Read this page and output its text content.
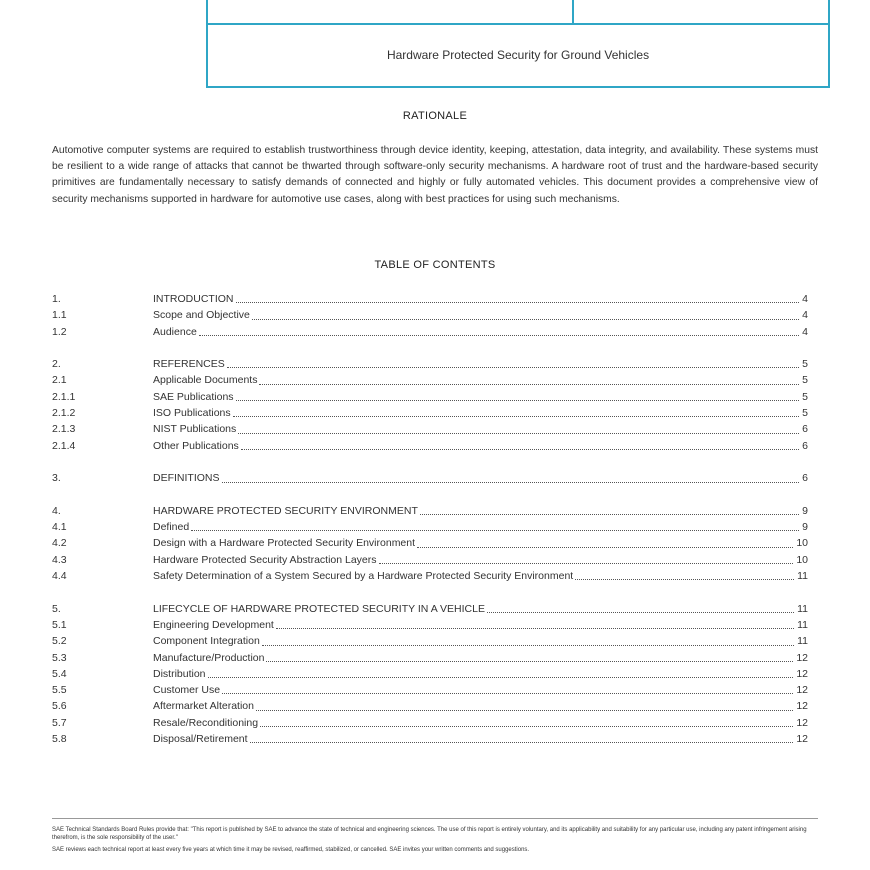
Hardware Protected Security for Ground Vehicles
RATIONALE
Automotive computer systems are required to establish trustworthiness through device identity, keeping, attestation, data integrity, and availability. These systems must be resilient to a wide range of attacks that cannot be thwarted through software-only security mechanisms. A hardware root of trust and the hardware-based security primitives are fundamentally necessary to satisfy demands of connected and highly or fully automated vehicles. This document provides a comprehensive view of security mechanisms supported in hardware for automotive use cases, along with best practices for using such mechanisms.
TABLE OF CONTENTS
1.	INTRODUCTION	4
1.1	Scope and Objective	4
1.2	Audience	4
2.	REFERENCES	5
2.1	Applicable Documents	5
2.1.1	SAE Publications	5
2.1.2	ISO Publications	5
2.1.3	NIST Publications	6
2.1.4	Other Publications	6
3.	DEFINITIONS	6
4.	HARDWARE PROTECTED SECURITY ENVIRONMENT	9
4.1	Defined	9
4.2	Design with a Hardware Protected Security Environment	10
4.3	Hardware Protected Security Abstraction Layers	10
4.4	Safety Determination of a System Secured by a Hardware Protected Security Environment	11
5.	LIFECYCLE OF HARDWARE PROTECTED SECURITY IN A VEHICLE	11
5.1	Engineering Development	11
5.2	Component Integration	11
5.3	Manufacture/Production	12
5.4	Distribution	12
5.5	Customer Use	12
5.6	Aftermarket Alteration	12
5.7	Resale/Reconditioning	12
5.8	Disposal/Retirement	12

SAE Technical Standards Board Rules provide that: "This report is published by SAE to advance the state of technical and engineering sciences. The use of this report is entirely voluntary, and its applicability and suitability for any particular use, including any patent infringement arising therefrom, is the sole responsibility of the user."

SAE reviews each technical report at least every five years at which time it may be revised, reaffirmed, stabilized, or cancelled. SAE invites your written comments and suggestions.
